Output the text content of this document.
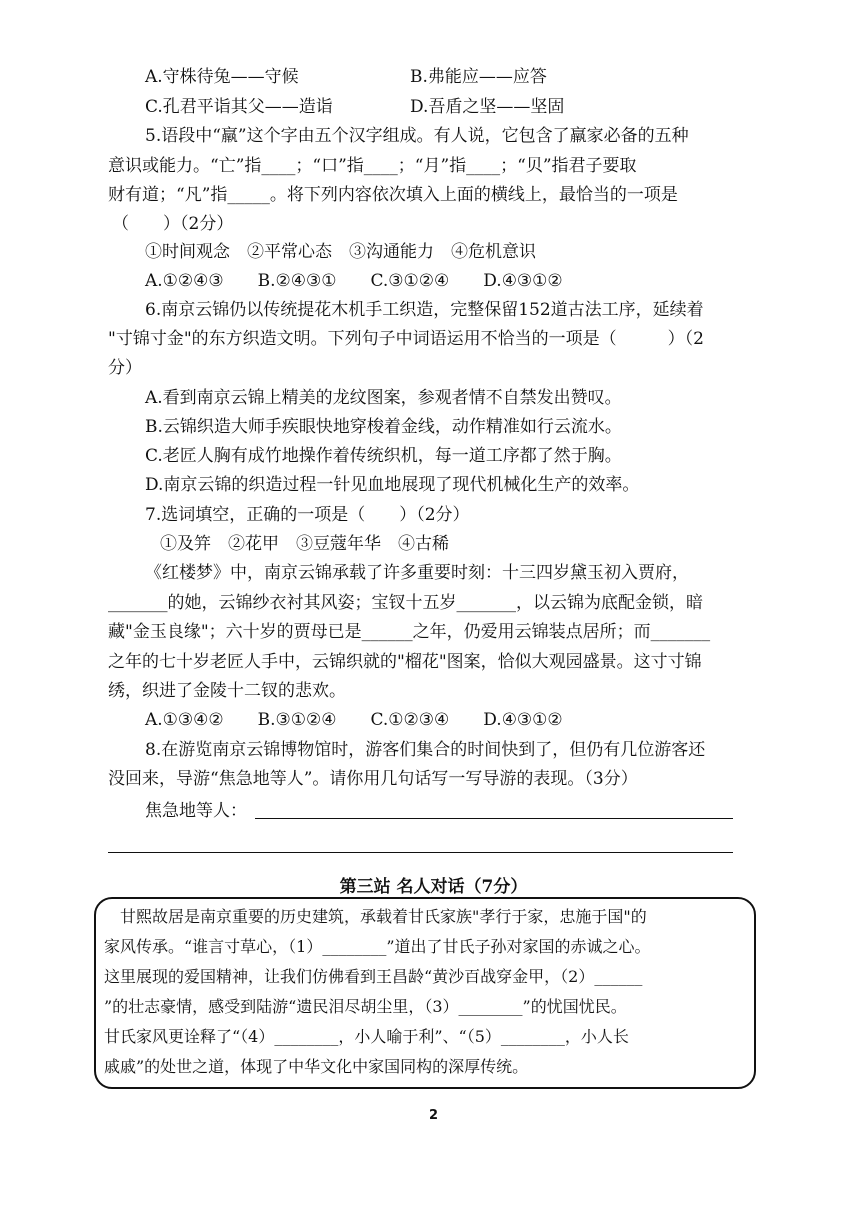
A.守株待兔——守候	B.弗能应——应答
C.孔君平诣其父——造诣	D.吾盾之坚——坚固
5.语段中“羸”这个字由五个汉字组成。有人说，它包含了羸家必备的五种
意识或能力。“亡”指____；“口”指____；“月”指____；“贝”指君子要取
财有道；“凡”指_____。将下列内容依次填入上面的横线上，最恰当的一项是
（　　）（2分）
①时间观念　②平常心态　③沟通能力　④危机意识
A.①②④③　　B.②④③①　　C.③①②④　　D.④③①②
6.南京云锦仍以传统提花木机手工织造，完整保留152道古法工序，延续着
"寸锦寸金"的东方织造文明。下列句子中词语运用不恰当的一项是（　　　）（2
分）
A.看到南京云锦上精美的龙纹图案，参观者情不自禁发出赞叹。
B.云锦织造大师手疾眼快地穿梭着金线，动作精准如行云流水。
C.老匠人胸有成竹地操作着传统织机，每一道工序都了然于胸。
D.南京云锦的织造过程一针见血地展现了现代机械化生产的效率。
7.选词填空，正确的一项是（　　）（2分）
①及笄　②花甲　③豆蔻年华　④古稀
《红楼梦》中，南京云锦承载了许多重要时刻：十三四岁黛玉初入贾府，
_______的她，云锦纱衣衬其风姿；宝钗十五岁_______，以云锦为底配金锁，暗
藏"金玉良缘"；六十岁的贾母已是______之年，仍爱用云锦装点居所；而_______
之年的七十岁老匠人手中，云锦织就的"榴花"图案，恰似大观园盛景。这寸寸锦
绣，织进了金陵十二钗的悲欢。
A.①③④②　　B.③①②④　　C.①②③④　　D.④③①②
8.在游览南京云锦博物馆时，游客们集合的时间快到了，但仍有几位游客还
没回来，导游“焦急地等人”。请你用几句话写一写导游的表现。（3分）
焦急地等人：
第三站 名人对话（7分）
甘熙故居是南京重要的历史建筑，承载着甘氏家族"孝行于家，忠施于国"的
家风传承。“谁言寸草心，（1）________”道出了甘氏子孙对家国的赤诚之心。
这里展现的爱国精神，让我们仿佛看到王昌龄“黄沙百战穿金甲，（2）______
”的壮志豪情，感受到陆游“遗民泪尽胡尘里，（3）________”的忧国忧民。
甘氏家风更诠释了“（4）________，小人喻于利”、“（5）________，小人长
戚戚”的处世之道，体现了中华文化中家国同构的深厚传统。
2
